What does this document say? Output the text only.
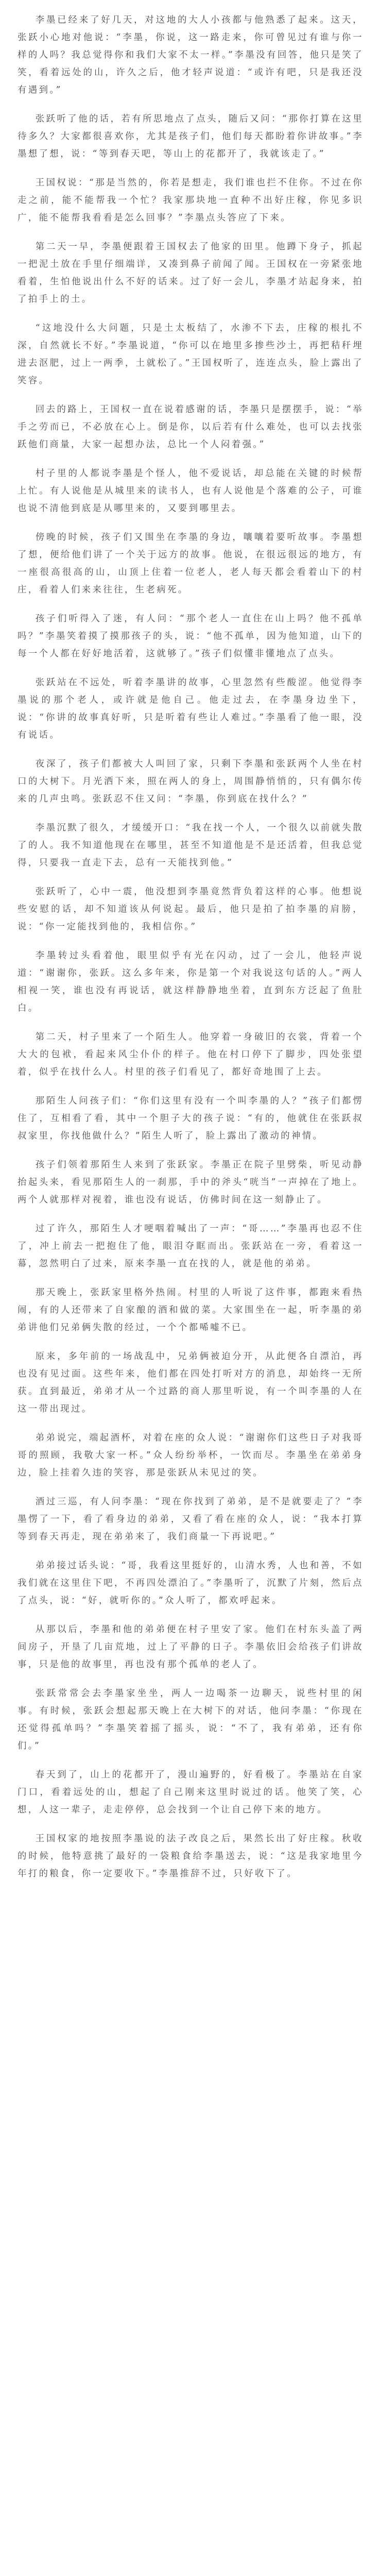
李墨已经来了好几天，对这地的大人小孩都与他熟悉了起来。这天，张跃小心地对他说：“李墨，你说，这一路走来，你可曾见过有谁与你一样的人吗？我总觉得你和我们大家不太一样。”李墨没有回答，他只是笑了笑，看着远处的山，许久之后，他才轻声说道：“或许有吧，只是我还没有遇到。”

张跃听了他的话，若有所思地点了点头，随后又问：“那你打算在这里待多久？大家都很喜欢你，尤其是孩子们，他们每天都盼着你讲故事。”李墨想了想，说：“等到春天吧，等山上的花都开了，我就该走了。”

王国权说：“那是当然的，你若是想走，我们谁也拦不住你。不过在你走之前，能不能帮我一个忙？我家那块地一直种不出好庄稼，你见多识广，能不能帮我看看是怎么回事？”李墨点头答应了下来。

第二天一早，李墨便跟着王国权去了他家的田里。他蹲下身子，抓起一把泥土放在手里仔细端详，又凑到鼻子前闻了闻。王国权在一旁紧张地看着，生怕他说出什么不好的话来。过了好一会儿，李墨才站起身来，拍了拍手上的土。

“这地没什么大问题，只是土太板结了，水渗不下去，庄稼的根扎不深，自然就长不好。”李墨说道，“你可以在地里多掺些沙土，再把秸秆埋进去沤肥，过上一两季，土就松了。”王国权听了，连连点头，脸上露出了笑容。

回去的路上，王国权一直在说着感谢的话，李墨只是摆摆手，说：“举手之劳而已，不必放在心上。倒是你，以后若有什么难处，也可以去找张跃他们商量，大家一起想办法，总比一个人闷着强。”

村子里的人都说李墨是个怪人，他不爱说话，却总能在关键的时候帮上忙。有人说他是从城里来的读书人，也有人说他是个落难的公子，可谁也说不清他到底是从哪里来的，又要到哪里去。

傍晚的时候，孩子们又围坐在李墨的身边，嚷嚷着要听故事。李墨想了想，便给他们讲了一个关于远方的故事。他说，在很远很远的地方，有一座很高很高的山，山顶上住着一位老人，老人每天都会看着山下的村庄，看着人们来来往往，生老病死。

孩子们听得入了迷，有人问：“那个老人一直住在山上吗？他不孤单吗？”李墨笑着摸了摸那孩子的头，说：“他不孤单，因为他知道，山下的每一个人都在好好地活着，这就够了。”孩子们似懂非懂地点了点头。

张跃站在不远处，听着李墨讲的故事，心里忽然有些酸涩。他觉得李墨说的那个老人，或许就是他自己。他走过去，在李墨身边坐下，说：“你讲的故事真好听，只是听着有些让人难过。”李墨看了他一眼，没有说话。

夜深了，孩子们都被大人叫回了家，只剩下李墨和张跃两个人坐在村口的大树下。月光洒下来，照在两人的身上，周围静悄悄的，只有偶尔传来的几声虫鸣。张跃忍不住又问：“李墨，你到底在找什么？”

李墨沉默了很久，才缓缓开口：“我在找一个人，一个很久以前就失散了的人。我不知道他现在在哪里，甚至不知道他是不是还活着，但我总觉得，只要我一直走下去，总有一天能找到他。”

张跃听了，心中一震，他没想到李墨竟然背负着这样的心事。他想说些安慰的话，却不知道该从何说起。最后，他只是拍了拍李墨的肩膀，说：“你一定能找到他的，我相信你。”

李墨转过头看着他，眼里似乎有光在闪动，过了一会儿，他轻声说道：“谢谢你，张跃。这么多年来，你是第一个对我说这句话的人。”两人相视一笑，谁也没有再说话，就这样静静地坐着，直到东方泛起了鱼肚白。

第二天，村子里来了一个陌生人。他穿着一身破旧的衣裳，背着一个大大的包袱，看起来风尘仆仆的样子。他在村口停下了脚步，四处张望着，似乎在找什么人。村里的孩子们看见了，都好奇地围了上去。

那陌生人问孩子们：“你们这里有没有一个叫李墨的人？”孩子们都愣住了，互相看了看，其中一个胆子大的孩子说：“有的，他就住在张跃叔叔家里，你找他做什么？”陌生人听了，脸上露出了激动的神情。

孩子们领着那陌生人来到了张跃家。李墨正在院子里劈柴，听见动静抬起头来，看见那陌生人的一刹那，手中的斧头“咣当”一声掉在了地上。两个人就那样对视着，谁也没有说话，仿佛时间在这一刻静止了。

过了许久，那陌生人才哽咽着喊出了一声：“哥……”李墨再也忍不住了，冲上前去一把抱住了他，眼泪夺眶而出。张跃站在一旁，看着这一幕，忽然明白了过来，原来李墨一直在找的人，就是他的弟弟。

那天晚上，张跃家里格外热闹。村里的人听说了这件事，都跑来看热闹，有的人还带来了自家酿的酒和做的菜。大家围坐在一起，听李墨的弟弟讲他们兄弟俩失散的经过，一个个都唏嘘不已。

原来，多年前的一场战乱中，兄弟俩被迫分开，从此便各自漂泊，再也没有见过面。这些年来，他们都在四处打听对方的消息，却始终一无所获。直到最近，弟弟才从一个过路的商人那里听说，有一个叫李墨的人在这一带出现过。

弟弟说完，端起酒杯，对着在座的众人说：“谢谢你们这些日子对我哥哥的照顾，我敬大家一杯。”众人纷纷举杯，一饮而尽。李墨坐在弟弟身边，脸上挂着久违的笑容，那是张跃从未见过的笑。

酒过三巡，有人问李墨：“现在你找到了弟弟，是不是就要走了？”李墨愣了一下，看了看身边的弟弟，又看了看在座的众人，说：“我本打算等到春天再走，现在弟弟来了，我们商量一下再说吧。”

弟弟接过话头说：“哥，我看这里挺好的，山清水秀，人也和善，不如我们就在这里住下吧，不再四处漂泊了。”李墨听了，沉默了片刻，然后点了点头，说：“好，就听你的。”众人听了，都欢呼起来。

从那以后，李墨和他的弟弟便在村子里安了家。他们在村东头盖了两间房子，开垦了几亩荒地，过上了平静的日子。李墨依旧会给孩子们讲故事，只是他的故事里，再也没有那个孤单的老人了。

张跃常常会去李墨家坐坐，两人一边喝茶一边聊天，说些村里的闲事。有时候，张跃会想起那天晚上在大树下的对话，他问李墨：“你现在还觉得孤单吗？”李墨笑着摇了摇头，说：“不了，我有弟弟，还有你们。”

春天到了，山上的花都开了，漫山遍野的，好看极了。李墨站在自家门口，看着远处的山，想起了自己刚来这里时说过的话。他笑了笑，心想，人这一辈子，走走停停，总会找到一个让自己停下来的地方。

王国权家的地按照李墨说的法子改良之后，果然长出了好庄稼。秋收的时候，他特意挑了最好的一袋粮食给李墨送去，说：“这是我家地里今年打的粮食，你一定要收下。”李墨推辞不过，只好收下了。
